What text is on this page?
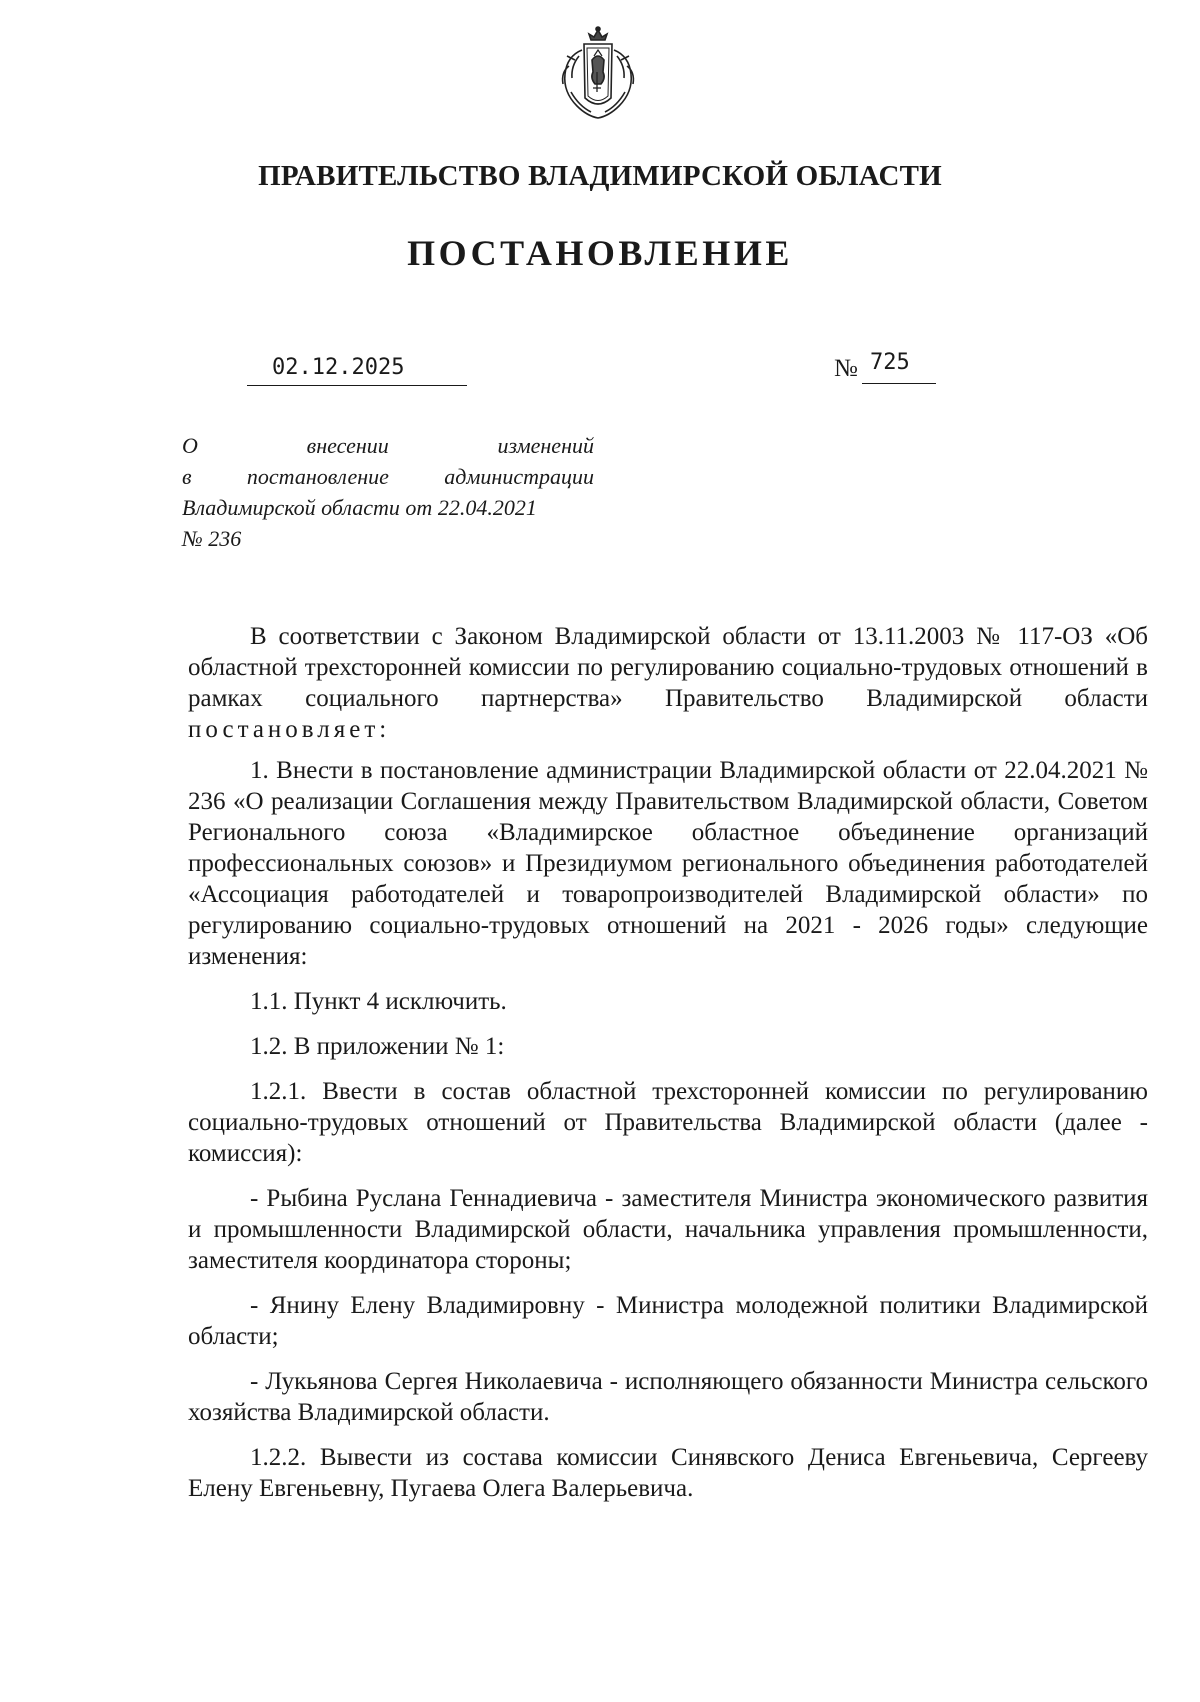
ПРАВИТЕЛЬСТВО ВЛАДИМИРСКОЙ ОБЛАСТИ
ПОСТАНОВЛЕНИЕ
02.12.2025	№ 725
О	внесении	изменений
в	постановление	администрации
Владимирской области от 22.04.2021
№ 236

В соответствии с Законом Владимирской области от 13.11.2003 № 117-ОЗ «Об областной трехсторонней комиссии по регулированию социально-трудовых отношений в рамках социального партнерства» Правительство Владимирской области постановляет:

1. Внести в постановление администрации Владимирской области от 22.04.2021 № 236 «О реализации Соглашения между Правительством Владимирской области, Советом Регионального союза «Владимирское областное объединение организаций профессиональных союзов» и Президиумом регионального объединения работодателей «Ассоциация работодателей и товаропроизводителей Владимирской области» по регулированию социально-трудовых отношений на 2021 - 2026 годы» следующие изменения:

1.1. Пункт 4 исключить.

1.2. В приложении № 1:

1.2.1. Ввести в состав областной трехсторонней комиссии по регулированию социально-трудовых отношений от Правительства Владимирской области (далее - комиссия):

- Рыбина Руслана Геннадиевича - заместителя Министра экономического развития и промышленности Владимирской области, начальника управления промышленности, заместителя координатора стороны;

- Янину Елену Владимировну - Министра молодежной политики Владимирской области;

- Лукьянова Сергея Николаевича - исполняющего обязанности Министра сельского хозяйства Владимирской области.

1.2.2. Вывести из состава комиссии Синявского Дениса Евгеньевича, Сергееву Елену Евгеньевну, Пугаева Олега Валерьевича.
